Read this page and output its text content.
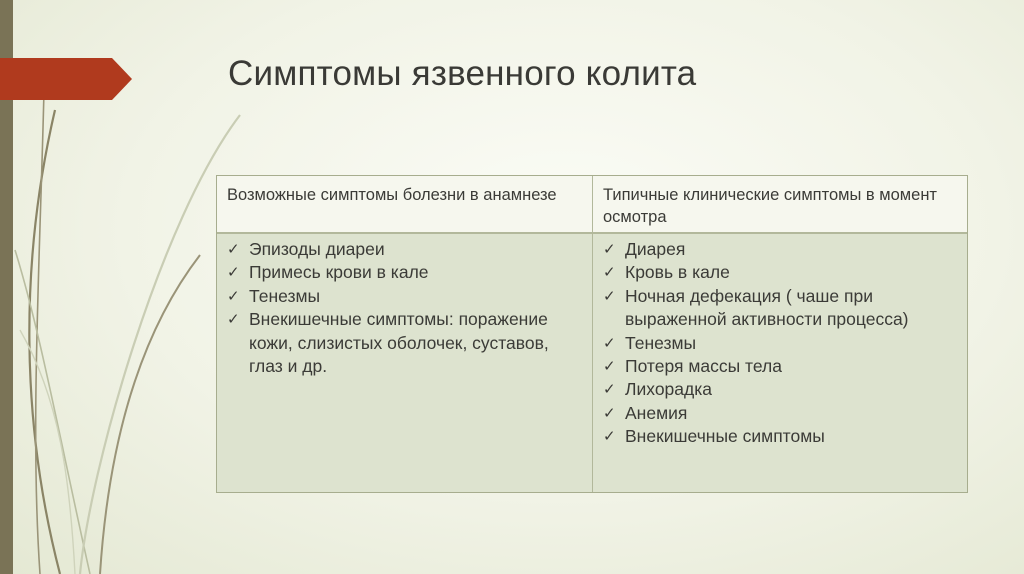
Симптомы язвенного колита
Возможные симптомы болезни в анамнезе	Типичные клинические симптомы в момент осмотра
✓ Эпизоды диареи
✓ Примесь крови в кале
✓ Тенезмы
✓ Внекишечные симптомы: поражение кожи, слизистых оболочек, суставов, глаз и др.
✓ Диарея
✓ Кровь в кале
✓ Ночная дефекация ( чаше при выраженной активности процесса)
✓ Тенезмы
✓ Потеря массы тела
✓ Лихорадка
✓ Анемия
✓ Внекишечные симптомы
